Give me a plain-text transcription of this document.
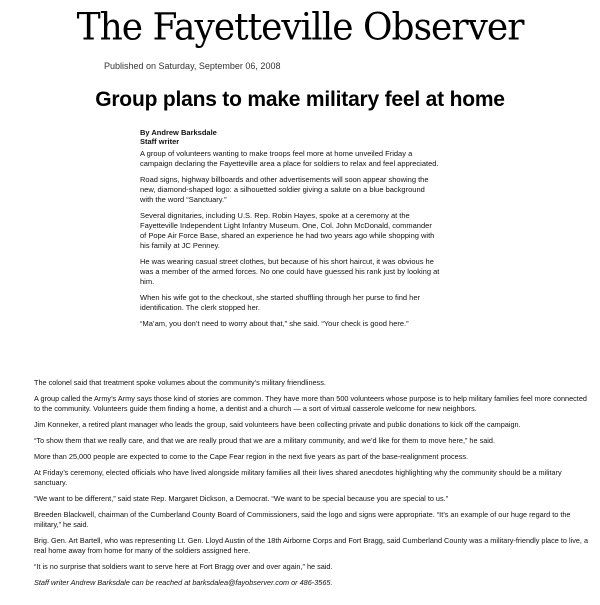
The Fayetteville Observer
Published on Saturday, September 06, 2008
Group plans to make military feel at home
By Andrew Barksdale
Staff writer

A group of volunteers wanting to make troops feel more at home unveiled Friday a campaign declaring the Fayetteville area a place for soldiers to relax and feel appreciated.

Road signs, highway billboards and other advertisements will soon appear showing the new, diamond-shaped logo: a silhouetted soldier giving a salute on a blue background with the word “Sanctuary.”

Several dignitaries, including U.S. Rep. Robin Hayes, spoke at a ceremony at the Fayetteville Independent Light Infantry Museum. One, Col. John McDonald, commander of Pope Air Force Base, shared an experience he had two years ago while shopping with his family at JC Penney.

He was wearing casual street clothes, but because of his short haircut, it was obvious he was a member of the armed forces. No one could have guessed his rank just by looking at him.

When his wife got to the checkout, she started shuffling through her purse to find her identification. The clerk stopped her.

“Ma’am, you don’t need to worry about that,” she said. “Your check is good here.”

The colonel said that treatment spoke volumes about the community’s military friendliness.

A group called the Army’s Army says those kind of stories are common. They have more than 500 volunteers whose purpose is to help military families feel more connected to the community. Volunteers guide them finding a home, a dentist and a church — a sort of virtual casserole welcome for new neighbors.

Jim Konneker, a retired plant manager who leads the group, said volunteers have been collecting private and public donations to kick off the campaign.

“To show them that we really care, and that we are really proud that we are a military community, and we’d like for them to move here,” he said.

More than 25,000 people are expected to come to the Cape Fear region in the next five years as part of the base-realignment process.

At Friday’s ceremony, elected officials who have lived alongside military families all their lives shared anecdotes highlighting why the community should be a military sanctuary.

“We want to be different,” said state Rep. Margaret Dickson, a Democrat. “We want to be special because you are special to us.”

Breeden Blackwell, chairman of the Cumberland County Board of Commissioners, said the logo and signs were appropriate. “It’s an example of our huge regard to the military,” he said.

Brig. Gen. Art Bartell, who was representing Lt. Gen. Lloyd Austin of the 18th Airborne Corps and Fort Bragg, said Cumberland County was a military-friendly place to live, a real home away from home for many of the soldiers assigned here.

“It is no surprise that soldiers want to serve here at Fort Bragg over and over again,” he said.

Staff writer Andrew Barksdale can be reached at barksdalea@fayobserver.com or 486-3565.
